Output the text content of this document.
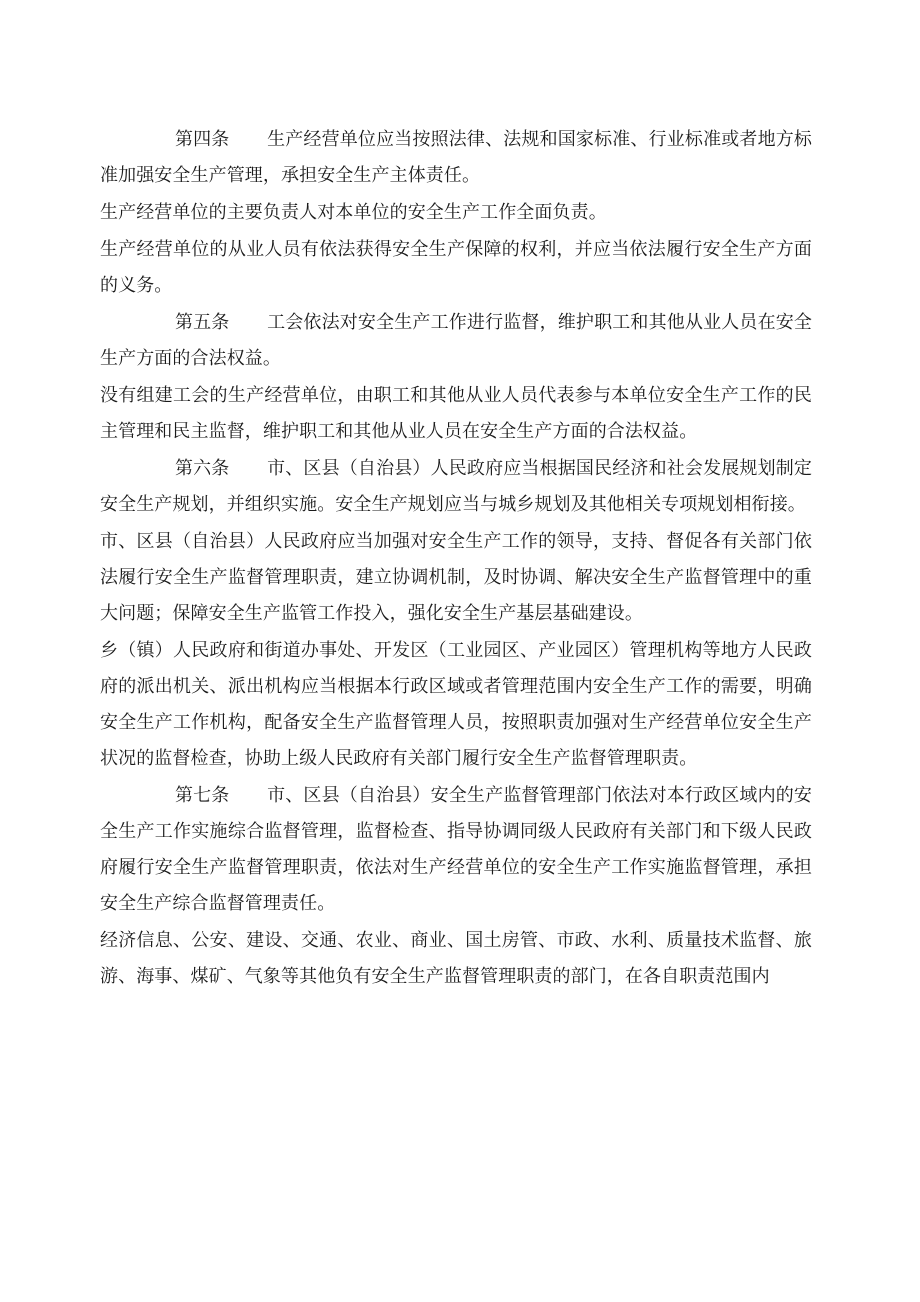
第四条 生产经营单位应当按照法律、法规和国家标准、行业标准或者地方标准加强安全生产管理，承担安全生产主体责任。

生产经营单位的主要负责人对本单位的安全生产工作全面负责。

生产经营单位的从业人员有依法获得安全生产保障的权利，并应当依法履行安全生产方面的义务。

第五条 工会依法对安全生产工作进行监督，维护职工和其他从业人员在安全生产方面的合法权益。

没有组建工会的生产经营单位，由职工和其他从业人员代表参与本单位安全生产工作的民主管理和民主监督，维护职工和其他从业人员在安全生产方面的合法权益。

第六条 市、区县（自治县）人民政府应当根据国民经济和社会发展规划制定安全生产规划，并组织实施。安全生产规划应当与城乡规划及其他相关专项规划相衔接。

市、区县（自治县）人民政府应当加强对安全生产工作的领导，支持、督促各有关部门依法履行安全生产监督管理职责，建立协调机制，及时协调、解决安全生产监督管理中的重大问题；保障安全生产监管工作投入，强化安全生产基层基础建设。

乡（镇）人民政府和街道办事处、开发区（工业园区、产业园区）管理机构等地方人民政府的派出机关、派出机构应当根据本行政区域或者管理范围内安全生产工作的需要，明确安全生产工作机构，配备安全生产监督管理人员，按照职责加强对生产经营单位安全生产状况的监督检查，协助上级人民政府有关部门履行安全生产监督管理职责。

第七条 市、区县（自治县）安全生产监督管理部门依法对本行政区域内的安全生产工作实施综合监督管理，监督检查、指导协调同级人民政府有关部门和下级人民政府履行安全生产监督管理职责，依法对生产经营单位的安全生产工作实施监督管理，承担安全生产综合监督管理责任。

经济信息、公安、建设、交通、农业、商业、国土房管、市政、水利、质量技术监督、旅游、海事、煤矿、气象等其他负有安全生产监督管理职责的部门，在各自职责范围内
